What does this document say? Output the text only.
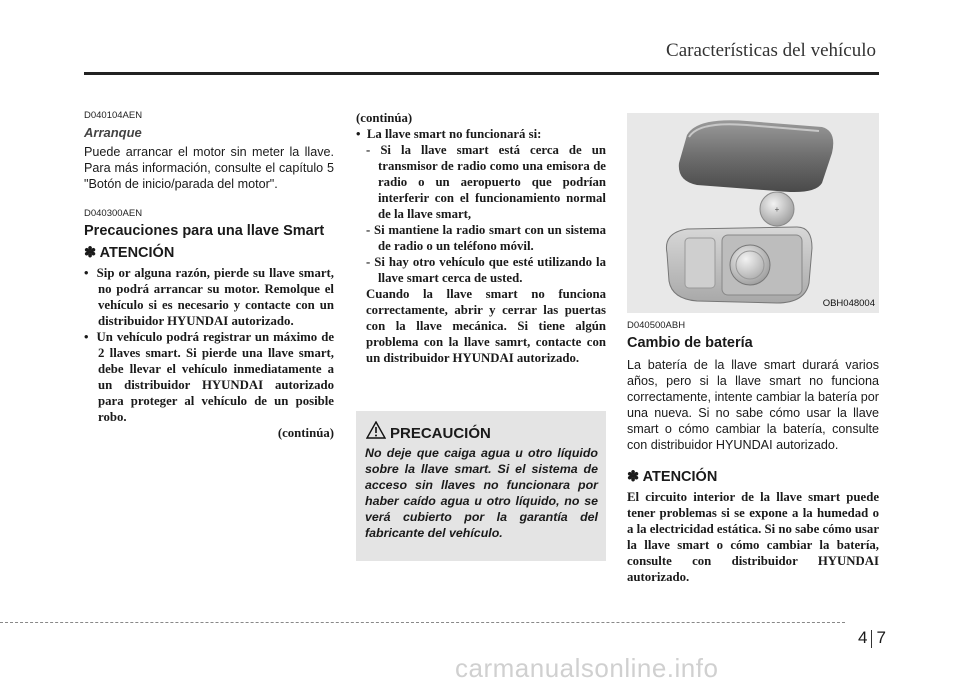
Características del vehículo

D040104AEN

Arranque

Puede arrancar el motor sin meter la llave. Para más información, consulte el capítulo 5 "Botón de inicio/parada del motor".

D040300AEN

Precauciones para una llave Smart

✽ ATENCIÓN

•  Sip or alguna razón, pierde su llave smart, no podrá arrancar su motor. Remolque el vehículo si es necesario y contacte con un distribuidor HYUNDAI autorizado.
•  Un vehículo podrá registrar un máximo de 2 llaves smart. Si pierde una llave smart, debe llevar el vehículo inmediatamente a un distribuidor HYUNDAI autorizado para proteger al vehículo de un posible robo.

(continúa)

(continúa)

•  La llave smart no funcionará si:
- Si la llave smart está cerca de un transmisor de radio como una emisora de radio o un aeropuerto que podrían interferir con el funcionamiento normal de la llave smart,
- Si mantiene la radio smart con un sistema de radio o un teléfono móvil.
- Si hay otro vehículo que esté utilizando la llave smart cerca de usted.

Cuando la llave smart no funciona correctamente, abrir y cerrar las puertas con la llave mecánica. Si tiene algún problema con la llave samrt, contacte con un distribuidor HYUNDAI autorizado.

PRECAUCIÓN
No deje que caiga agua u otro líquido sobre la llave smart. Si el sistema de acceso sin llaves no funcionara por haber caído agua u otro líquido, no se verá cubierto por la garantía del fabricante del vehículo.
+
OBH048004

D040500ABH

Cambio de batería

La batería de la llave smart durará varios años, pero si la llave smart no funciona correctamente, intente cambiar la batería por una nueva. Si no sabe cómo usar la llave smart o cómo cambiar la batería, consulte con distribuidor HYUNDAI autorizado.

✽ ATENCIÓN

El circuito interior de la llave smart puede tener problemas si se expone a la humedad o a la electricidad estática. Si no sabe cómo usar la llave smart o cómo cambiar la batería, consulte con distribuidor HYUNDAI autorizado.

4 7
carmanualsonline.info
